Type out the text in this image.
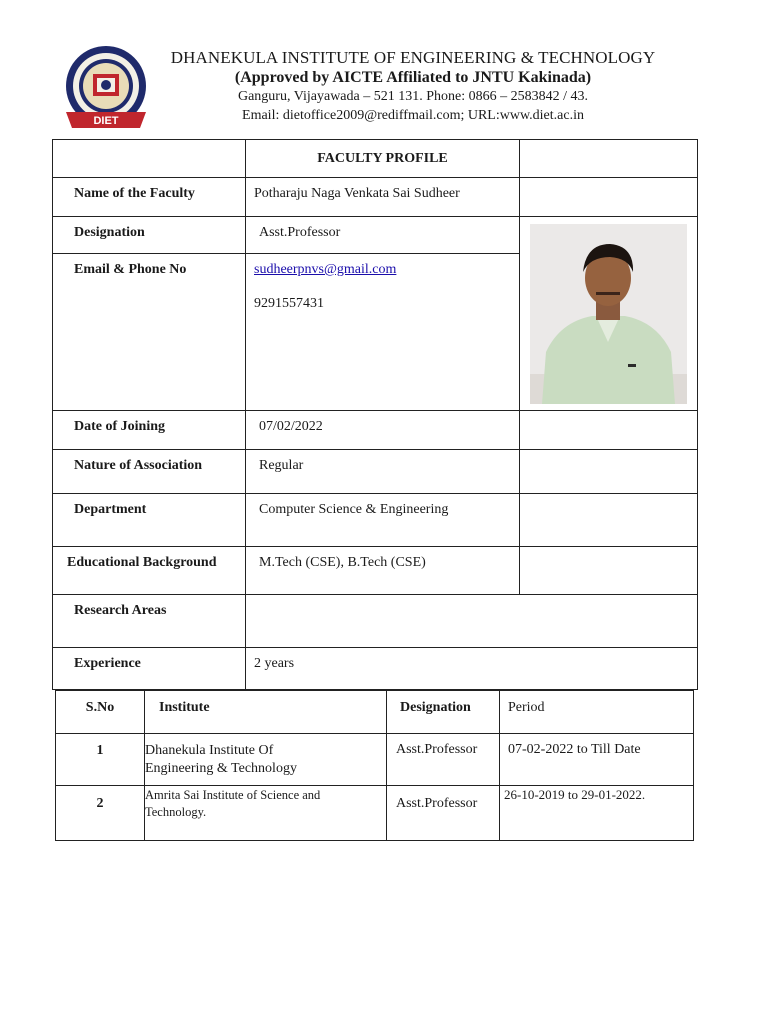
DIET
DHANEKULA INSTITUTE OF ENGINEERING & TECHNOLOGY
(Approved by AICTE Affiliated to JNTU Kakinada)
Ganguru, Vijayawada – 521 131. Phone: 0866 – 2583842 / 43.
Email: dietoffice2009@rediffmail.com; URL:www.diet.ac.in
	FACULTY PROFILE	
Name of the Faculty	Potharaju Naga Venkata Sai Sudheer	
Designation	Asst.Professor	

Email & Phone No	sudheerpnvs@gmail.com
9291557431	

Date of Joining	07/02/2022	
Nature of Association	Regular	
Department	Computer Science & Engineering	
Educational Background	M.Tech (CSE), B.Tech (CSE)	
Research Areas		
Experience	2 years	
S.No	Institute	Designation	Period
1	Dhanekula Institute Of
Engineering & Technology	Asst.Professor	07-02-2022 to Till Date
2	Amrita Sai Institute of Science and
Technology.	Asst.Professor	26-10-2019 to 29-01-2022.
